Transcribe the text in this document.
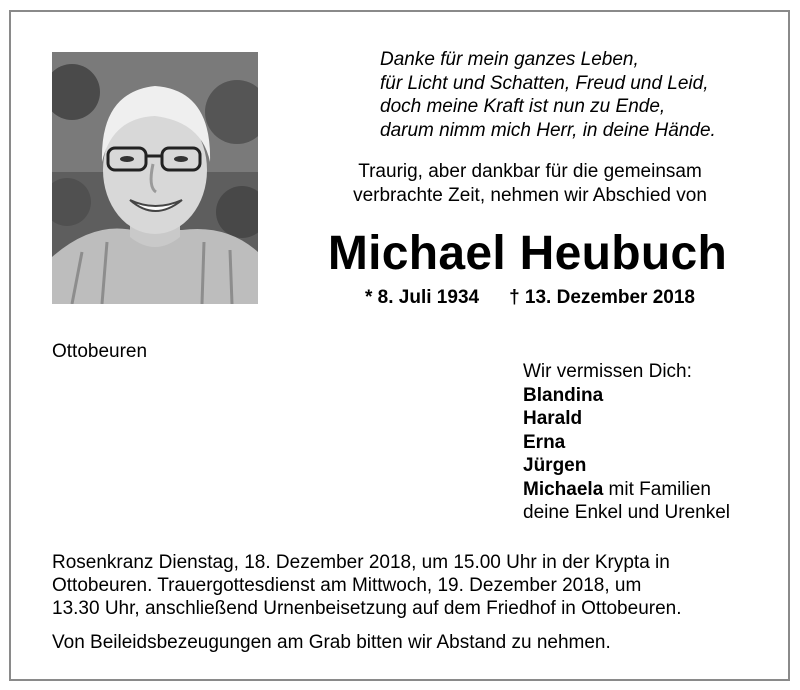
Danke für mein ganzes Leben,
für Licht und Schatten, Freud und Leid,
doch meine Kraft ist nun zu Ende,
darum nimm mich Herr, in deine Hände.
Traurig, aber dankbar für die gemeinsam
verbrachte Zeit, nehmen wir Abschied von
Michael Heubuch
* 8. Juli 1934 † 13. Dezember 2018
Ottobeuren
Wir vermissen Dich:
Blandina
Harald
Erna
Jürgen
Michaela mit Familien
deine Enkel und Urenkel
Rosenkranz Dienstag, 18. Dezember 2018, um 15.00 Uhr in der Krypta in
Ottobeuren. Trauergottesdienst am Mittwoch, 19. Dezember 2018, um
13.30 Uhr, anschließend Urnenbeisetzung auf dem Friedhof in Ottobeuren.
Von Beileidsbezeugungen am Grab bitten wir Abstand zu nehmen.
